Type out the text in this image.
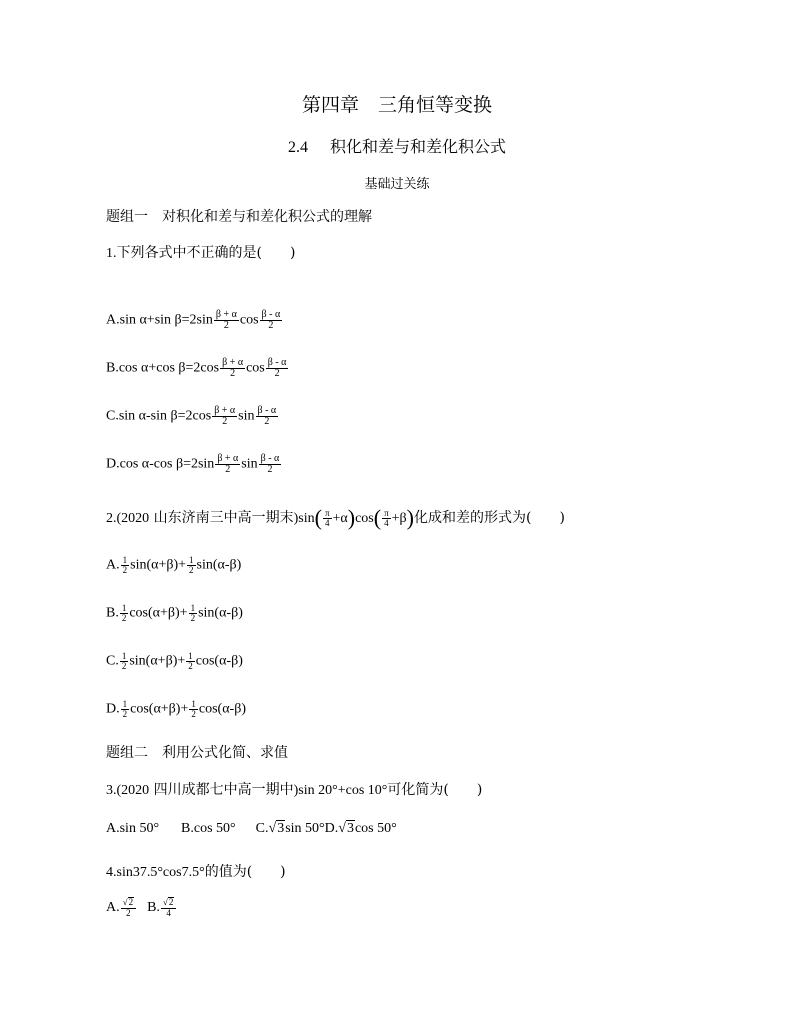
第四章　三角恒等变换
2.4 积化和差与和差化积公式
基础过关练
题组一　对积化和差与和差化积公式的理解
1.下列各式中不正确的是(　　)
A.sin α+sin $\beta=2\sin \frac{\beta + \alpha}{2}$ $\cos \frac{\beta - \alpha}{2}$
B.cos α+cos $\beta=2\cos \frac{\beta + \alpha}{2}$ $\cos \frac{\beta - \alpha}{2}$
C.sin α-sin $\beta=2\cos \frac{\beta + \alpha}{2}$ $\sin \frac{\beta - \alpha}{2}$
D.cos α-cos $\beta=2\sin \frac{\beta + \alpha}{2}$ $\sin \frac{\beta - \alpha}{2}$
2.(2020 山东济南三中高一期末)$\sin( \frac{\pi}{4} +\alpha)\cos( \frac{\pi}{4} +\beta)$化成和差的形式为(　　)
A. $\frac{1}{2} \sin(\alpha+\beta)+ \frac{1}{2} \sin(\alpha-\beta)$
B. $\frac{1}{2} \cos(\alpha+\beta)+ \frac{1}{2} \sin(\alpha-\beta)$
C. $\frac{1}{2} \sin(\alpha+\beta)+ \frac{1}{2} \cos(\alpha-\beta)$
D. $\frac{1}{2} \cos(\alpha+\beta)+ \frac{1}{2} \cos(\alpha-\beta)$
题组二　利用公式化简、求值
3.(2020 四川成都七中高一期中)sin 20°+cos 10°可化简为(　　)
A.sin 50° B.cos 50° C.√3sin 50°D.√3cos 50°
4.sin37.5°cos7.5°的值为(　　)
A. $\frac{√2}{2} B$. $\frac{√2}{4}$
